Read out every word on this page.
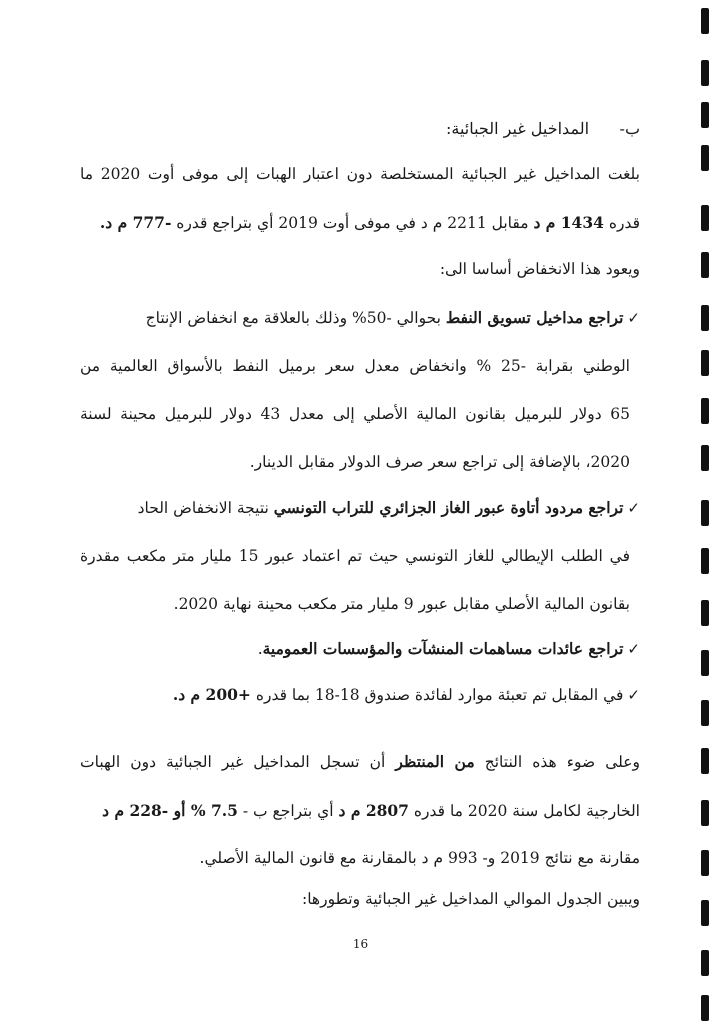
ب-      المداخيل غير الجبائية:
بلغت المداخيل غير الجبائية المستخلصة دون اعتبار الهبات إلى موفى أوت 2020 ما
قدره 1434 م د مقابل 2211 م د في موفى أوت 2019 أي بتراجع قدره -777 م د.
ويعود هذا الانخفاض أساسا الى:
✓تراجع مداخيل تسويق النفط بحوالي -50% وذلك بالعلاقة مع انخفاض الإنتاج
الوطني بقرابة -25 % وانخفاض معدل سعر برميل النفط بالأسواق العالمية من
65 دولار للبرميل بقانون المالية الأصلي إلى معدل 43 دولار للبرميل محينة لسنة
2020، بالإضافة إلى تراجع سعر صرف الدولار مقابل الدينار.
✓تراجع مردود أتاوة عبور الغاز الجزائري للتراب التونسي نتيجة الانخفاض الحاد
في الطلب الإيطالي للغاز التونسي حيث تم اعتماد عبور 15 مليار متر مكعب مقدرة
بقانون المالية الأصلي مقابل عبور 9 مليار متر مكعب محينة نهاية 2020.
✓تراجع عائدات مساهمات المنشآت والمؤسسات العمومية.
✓في المقابل تم تعبئة موارد لفائدة صندوق 18-18 بما قدره +200 م د.
وعلى ضوء هذه النتائج من المنتظر أن تسجل المداخيل غير الجبائية دون الهبات
الخارجية لكامل سنة 2020 ما قدره 2807 م د أي بتراجع ب - 7.5 % أو -228 م د
مقارنة مع نتائج 2019 و- 993 م د بالمقارنة مع قانون المالية الأصلي.
ويبين الجدول الموالي المداخيل غير الجبائية وتطورها:
16
